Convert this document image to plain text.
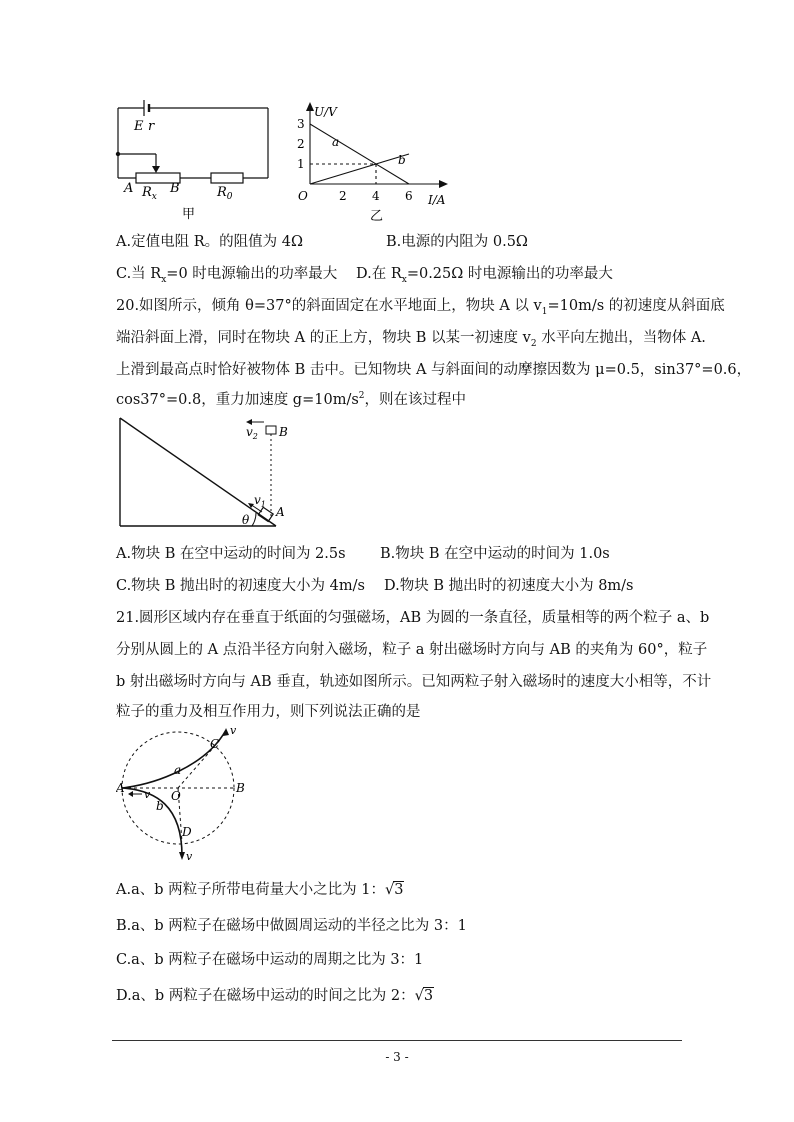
E r
A	B
$R_x$	$R_0$
甲
U/V
I/A
O
3
2
1
2 4 6
a
b
乙
A.定值电阻 R。的阻值为 4Ω	B.电源的内阻为 0.5Ω
C.当 $R_x=0$ 时电源输出的功率最大 D.在 $R_x=0.25\Omega$ 时电源输出的功率最大
20.如图所示，倾角 θ=37°的斜面固定在水平地面上，物块 A 以 $v_1=10m/s$ 的初速度从斜面底
端沿斜面上滑，同时在物块 A 的正上方，物块 B 以某一初速度 $v_2$ 水平向左抛出，当物体 A.
上滑到最高点时恰好被物体 B 击中。已知物块 A 与斜面间的动摩擦因数为 μ=0.5，sin37°=0.6，
cos37°=0.8，重力加速度 $g=10m/s^2$，则在该过程中
$v_2$ B
$v_1$
θ
A
A.物块 B 在空中运动的时间为 2.5s B.物块 B 在空中运动的时间为 1.0s
C.物块 B 抛出时的初速度大小为 4m/s D.物块 B 抛出时的初速度大小为 8m/s
21.圆形区域内存在垂直于纸面的匀强磁场，AB 为圆的一条直径，质量相等的两个粒子 a、b
分别从圆上的 A 点沿半径方向射入磁场，粒子 a 射出磁场时方向与 AB 的夹角为 60°，粒子
b 射出磁场时方向与 AB 垂直，轨迹如图所示。已知两粒子射入磁场时的速度大小相等，不计
粒子的重力及相互作用力，则下列说法正确的是
A	B
C
D
O
a
b
v
v
v
A.a、b 两粒子所带电荷量大小之比为 1：√3
B.a、b 两粒子在磁场中做圆周运动的半径之比为 3：1
C.a、b 两粒子在磁场中运动的周期之比为 3：1
D.a、b 两粒子在磁场中运动的时间之比为 2：√3
- 3 -
